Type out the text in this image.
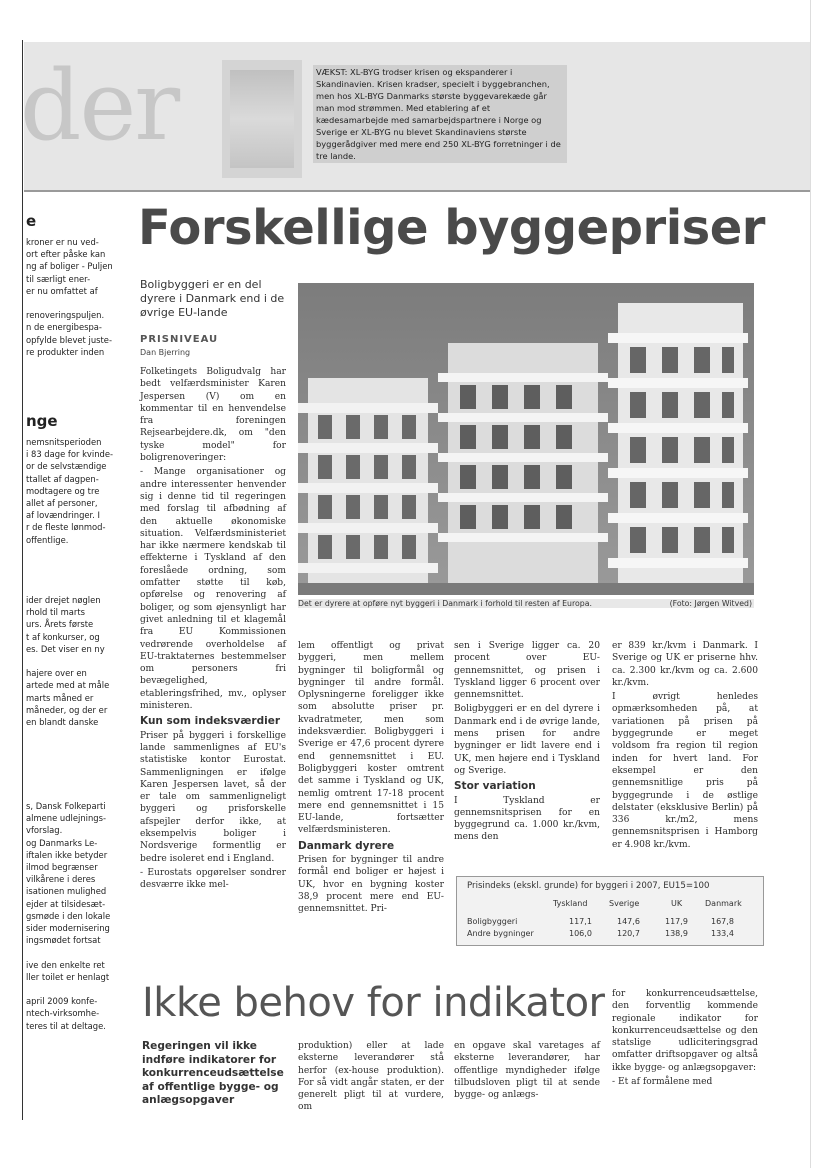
der	VÆKST: XL-BYG trodser krisen og ekspanderer i Skandinavien. Krisen kradser, specielt i byggebranchen, men hos XL-BYG Danmarks største byggevarekæde går man mod strømmen. Med etablering af et kædesamarbejde med samarbejdspartnere i Norge og Sverige er XL-BYG nu blevet Skandinaviens største byggerådgiver med mere end 250 XL-BYG forretninger i de tre lande.
e

kroner er nu ved-

ort efter påske kan

ng af boliger - Puljen

til særligt ener-

er nu omfattet af

renoveringspuljen.

n de energibespa-

opfylde blevet juste-

re produkter inden

nge

nemsnitsperioden

i 83 dage for kvinde-

or de selvstændige

ttallet af dagpen-

modtagere og tre

allet af personer,

af lovændringer. I

r de fleste lønmod-

offentlige.

ider drejet nøglen

rhold til marts

urs. Årets første

t af konkurser, og

es. Det viser en ny

hajere over en

artede med at måle

marts måned er

måneder, og der er

en blandt danske

s, Dansk Folkeparti

almene udlejnings-

vforslag.

og Danmarks Le-

iftalen ikke betyder

ilmod begrænser

vilkårene i deres

isationen mulighed

ejder at tilsidesæt-

gsmøde i den lokale

sider modernisering

ingsmødet fortsat

ive den enkelte ret

ller toilet er henlagt

april 2009 konfe-

ntech-virksomhe-

teres til at deltage.

Forskellige byggepriser
Boligbyggeri er en del dyrere i Danmark end i de øvrige EU-lande
PRISNIVEAU
Dan Bjerring
Det er dyrere at opføre nyt byggeri i Danmark i forhold til resten af Europa.	(Foto: Jørgen Witved)

Folketingets Boligudvalg har bedt velfærdsminister Karen Jespersen (V) om en kommentar til en henvendelse fra foreningen Rejsearbejdere.dk, om "den tyske model" for boligrenoveringer:

- Mange organisationer og andre interessenter henvender sig i denne tid til regeringen med forslag til afbødning af den aktuelle økonomiske situation. Velfærdsministeriet har ikke nærmere kendskab til effekterne i Tyskland af den foreslåede ordning, som omfatter støtte til køb, opførelse og renovering af boliger, og som øjensynligt har givet anledning til et klagemål fra EU Kommissionen vedrørende overholdelse af EU-traktaternes bestemmelser om personers fri bevægelighed, etableringsfrihed, mv., oplyser ministeren.

Kun som indeksværdier

Priser på byggeri i forskellige lande sammenlignes af EU's statistiske kontor Eurostat. Sammenligningen er ifølge Karen Jespersen lavet, så der er tale om sammenligneligt byggeri og prisforskelle afspejler derfor ikke, at eksempelvis boliger i Nordsverige formentlig er bedre isoleret end i England.

- Eurostats opgørelser sondrer desværre ikke mel-

lem offentligt og privat byggeri, men mellem bygninger til boligformål og bygninger til andre formål. Oplysningerne foreligger ikke som absolutte priser pr. kvadratmeter, men som indeksværdier. Boligbyggeri i Sverige er 47,6 procent dyrere end gennemsnittet i EU. Boligbyggeri koster omtrent det samme i Tyskland og UK, nemlig omtrent 17-18 procent mere end gennemsnittet i 15 EU-lande, fortsætter velfærdsministeren.

Danmark dyrere

Prisen for bygninger til andre formål end boliger er højest i UK, hvor en bygning koster 38,9 procent mere end EU-gennemsnittet. Pri-

sen i Sverige ligger ca. 20 procent over EU-gennemsnittet, og prisen i Tyskland ligger 6 procent over gennemsnittet.

Boligbyggeri er en del dyrere i Danmark end i de øvrige lande, mens prisen for andre bygninger er lidt lavere end i UK, men højere end i Tyskland og Sverige.

Stor variation

I Tyskland er gennemsnitsprisen for en byggegrund ca. 1.000 kr./kvm, mens den

er 839 kr./kvm i Danmark. I Sverige og UK er priserne hhv. ca. 2.300 kr./kvm og ca. 2.600 kr./kvm.

I øvrigt henledes opmærksomheden på, at variationen på prisen på byggegrunde er meget voldsom fra region til region inden for hvert land. For eksempel er den gennemsnitlige pris på byggegrunde i de østlige delstater (eksklusive Berlin) på 336 kr./m2, mens gennemsnitsprisen i Hamborg er 4.908 kr./kvm.

Prisindeks (ekskl. grunde) for byggeri i 2007, EU15=100
Tyskland	Sverige	UK	Danmark
Boligbyggeri	117,1	147,6	117,9	167,8
Andre bygninger	106,0	120,7	138,9	133,4
Ikke behov for indikator
Regeringen vil ikke indføre indikatorer for konkurrenceudsættelse af offentlige bygge- og anlægsopgaver
produktion) eller at lade eksterne leverandører stå herfor (ex-house produktion). For så vidt angår staten, er der generelt pligt til at vurdere, om
en opgave skal varetages af eksterne leverandører, har offentlige myndigheder ifølge tilbudsloven pligt til at sende bygge- og anlægs-

for konkurrenceudsættelse, den forventlig kommende regionale indikator for konkurrenceudsættelse og den statslige udliciteringsgrad omfatter driftsopgaver og altså ikke bygge- og anlægsopgaver:

- Et af formålene med
